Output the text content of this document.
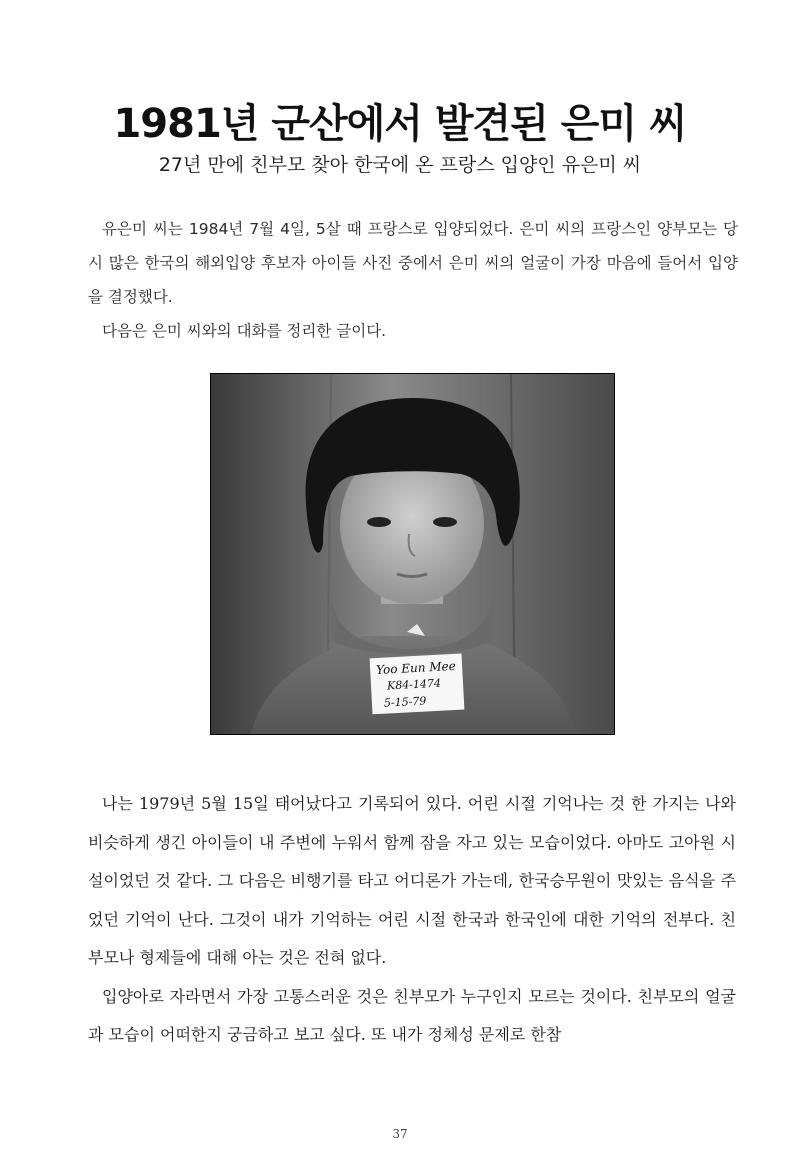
1981년 군산에서 발견된 은미 씨
27년 만에 친부모 찾아 한국에 온 프랑스 입양인 유은미 씨

유은미 씨는 1984년 7월 4일, 5살 때 프랑스로 입양되었다. 은미 씨의 프랑스인 양부모는 당시 많은 한국의 해외입양 후보자 아이들 사진 중에서 은미 씨의 얼굴이 가장 마음에 들어서 입양을 결정했다.

다음은 은미 씨와의 대화를 정리한 글이다.

Yoo Eun Mee
K84-1474
5-15-79

나는 1979년 5월 15일 태어났다고 기록되어 있다. 어린 시절 기억나는 것 한 가지는 나와 비슷하게 생긴 아이들이 내 주변에 누워서 함께 잠을 자고 있는 모습이었다. 아마도 고아원 시설이었던 것 같다. 그 다음은 비행기를 타고 어디론가 가는데, 한국승무원이 맛있는 음식을 주었던 기억이 난다. 그것이 내가 기억하는 어린 시절 한국과 한국인에 대한 기억의 전부다. 친부모나 형제들에 대해 아는 것은 전혀 없다.

입양아로 자라면서 가장 고통스러운 것은 친부모가 누구인지 모르는 것이다. 친부모의 얼굴과 모습이 어떠한지 궁금하고 보고 싶다. 또 내가 정체성 문제로 한참

37
